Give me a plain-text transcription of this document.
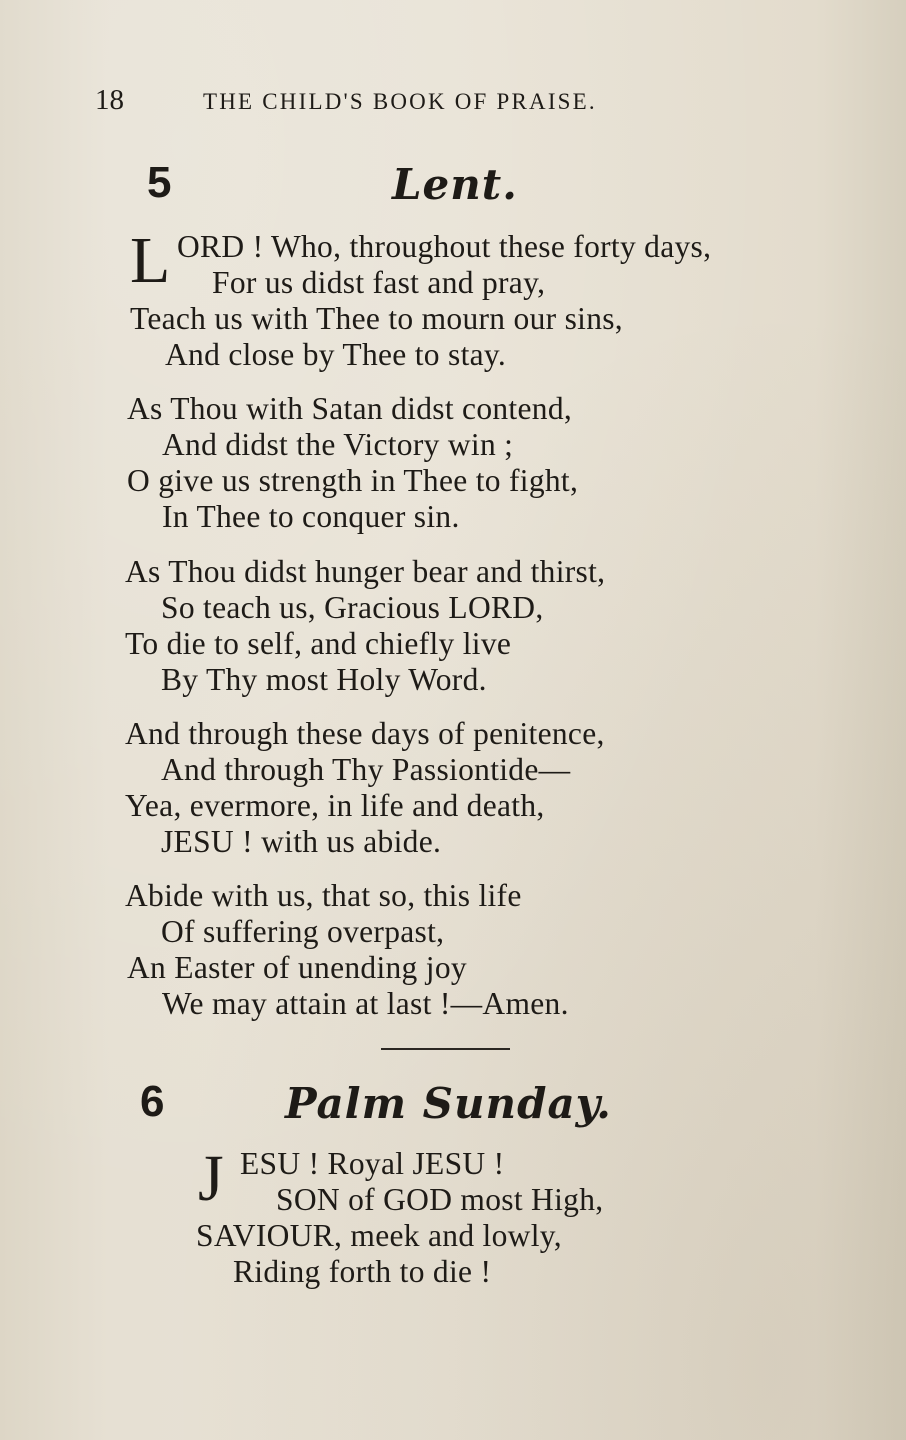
18	THE CHILD'S BOOK OF PRAISE.
5	Lent.
L ORD ! Who, throughout these forty days,
For us didst fast and pray,
Teach us with Thee to mourn our sins,
And close by Thee to stay.
As Thou with Satan didst contend,
And didst the Victory win ;
O give us strength in Thee to fight,
In Thee to conquer sin.
As Thou didst hunger bear and thirst,
So teach us, Gracious LORD,
To die to self, and chiefly live
By Thy most Holy Word.
And through these days of penitence,
And through Thy Passiontide—
Yea, evermore, in life and death,
JESU ! with us abide.
Abide with us, that so, this life
Of suffering overpast,
An Easter of unending joy
We may attain at last !—Amen.
6	Palm Sunday.
J ESU ! Royal JESU !
SON of GOD most High,
SAVIOUR, meek and lowly,
Riding forth to die !
